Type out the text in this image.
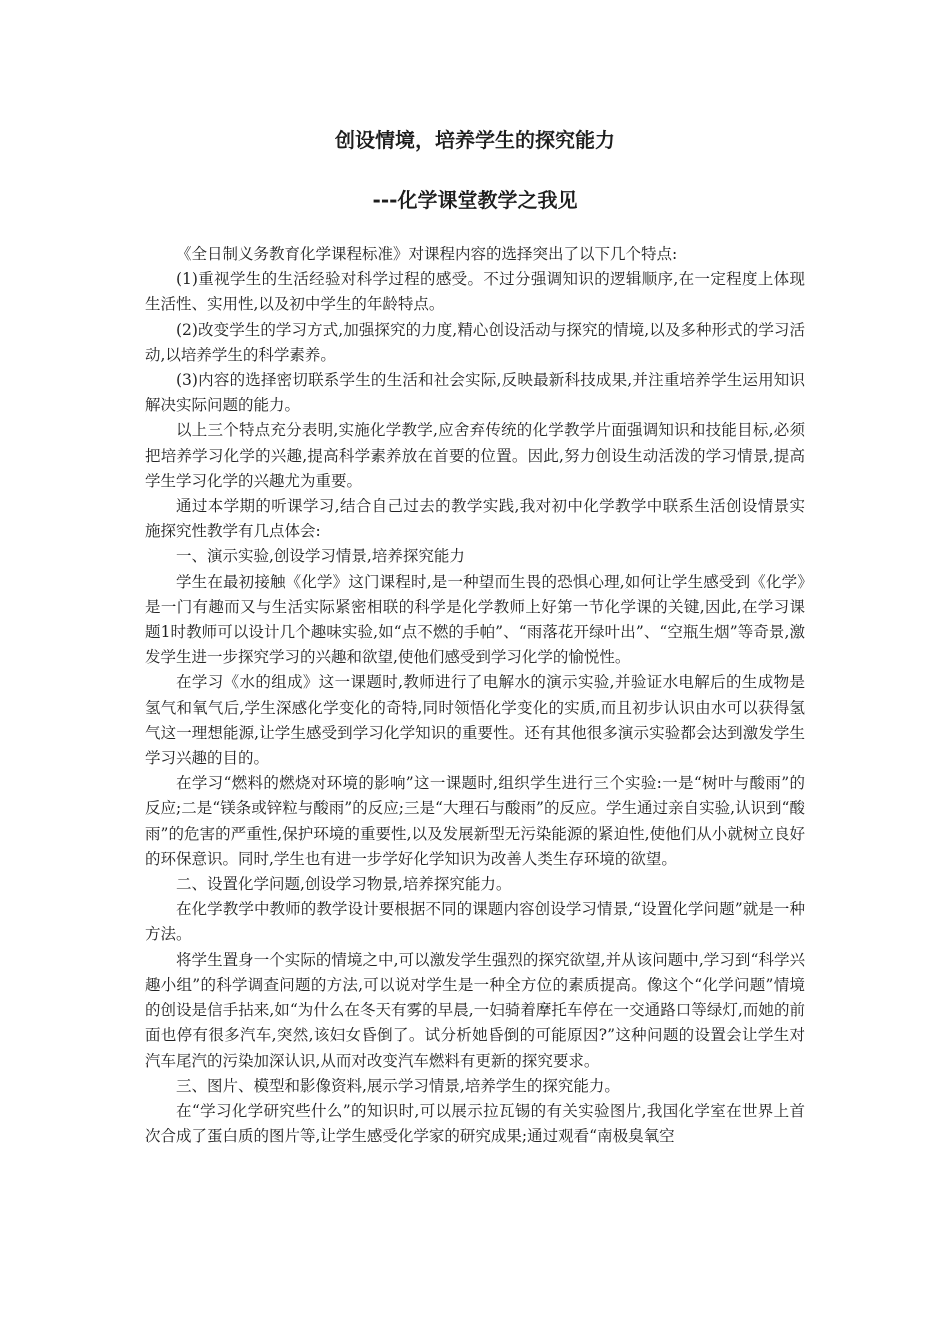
创设情境，培养学生的探究能力
---化学课堂教学之我见

《全日制义务教育化学课程标准》对课程内容的选择突出了以下几个特点:

(1)重视学生的生活经验对科学过程的感受。不过分强调知识的逻辑顺序,在一定程度上体现生活性、实用性,以及初中学生的年龄特点。

(2)改变学生的学习方式,加强探究的力度,精心创设活动与探究的情境,以及多种形式的学习活动,以培养学生的科学素养。

(3)内容的选择密切联系学生的生活和社会实际,反映最新科技成果,并注重培养学生运用知识解决实际问题的能力。

以上三个特点充分表明,实施化学教学,应舍弃传统的化学教学片面强调知识和技能目标,必须把培养学习化学的兴趣,提高科学素养放在首要的位置。因此,努力创设生动活泼的学习情景,提高学生学习化学的兴趣尤为重要。

通过本学期的听课学习,结合自己过去的教学实践,我对初中化学教学中联系生活创设情景实施探究性教学有几点体会:

一、演示实验,创设学习情景,培养探究能力

学生在最初接触《化学》这门课程时,是一种望而生畏的恐惧心理,如何让学生感受到《化学》是一门有趣而又与生活实际紧密相联的科学是化学教师上好第一节化学课的关键,因此,在学习课题1时教师可以设计几个趣味实验,如“点不燃的手帕”、“雨落花开绿叶出”、“空瓶生烟”等奇景,激发学生进一步探究学习的兴趣和欲望,使他们感受到学习化学的愉悦性。

在学习《水的组成》这一课题时,教师进行了电解水的演示实验,并验证水电解后的生成物是氢气和氧气后,学生深感化学变化的奇特,同时领悟化学变化的实质,而且初步认识由水可以获得氢气这一理想能源,让学生感受到学习化学知识的重要性。还有其他很多演示实验都会达到激发学生学习兴趣的目的。

在学习“燃料的燃烧对环境的影响”这一课题时,组织学生进行三个实验:一是“树叶与酸雨”的反应;二是“镁条或锌粒与酸雨”的反应;三是“大理石与酸雨”的反应。学生通过亲自实验,认识到“酸雨”的危害的严重性,保护环境的重要性,以及发展新型无污染能源的紧迫性,使他们从小就树立良好的环保意识。同时,学生也有进一步学好化学知识为改善人类生存环境的欲望。

二、设置化学问题,创设学习物景,培养探究能力。

在化学教学中教师的教学设计要根据不同的课题内容创设学习情景,“设置化学问题”就是一种方法。

将学生置身一个实际的情境之中,可以激发学生强烈的探究欲望,并从该问题中,学习到“科学兴趣小组”的科学调查问题的方法,可以说对学生是一种全方位的素质提高。像这个“化学问题”情境的创设是信手拈来,如“为什么在冬天有雾的早晨,一妇骑着摩托车停在一交通路口等绿灯,而她的前面也停有很多汽车,突然,该妇女昏倒了。试分析她昏倒的可能原因?”这种问题的设置会让学生对汽车尾汽的污染加深认识,从而对改变汽车燃料有更新的探究要求。

三、图片、模型和影像资料,展示学习情景,培养学生的探究能力。

在“学习化学研究些什么”的知识时,可以展示拉瓦锡的有关实验图片,我国化学室在世界上首次合成了蛋白质的图片等,让学生感受化学家的研究成果;通过观看“南极臭氧空
